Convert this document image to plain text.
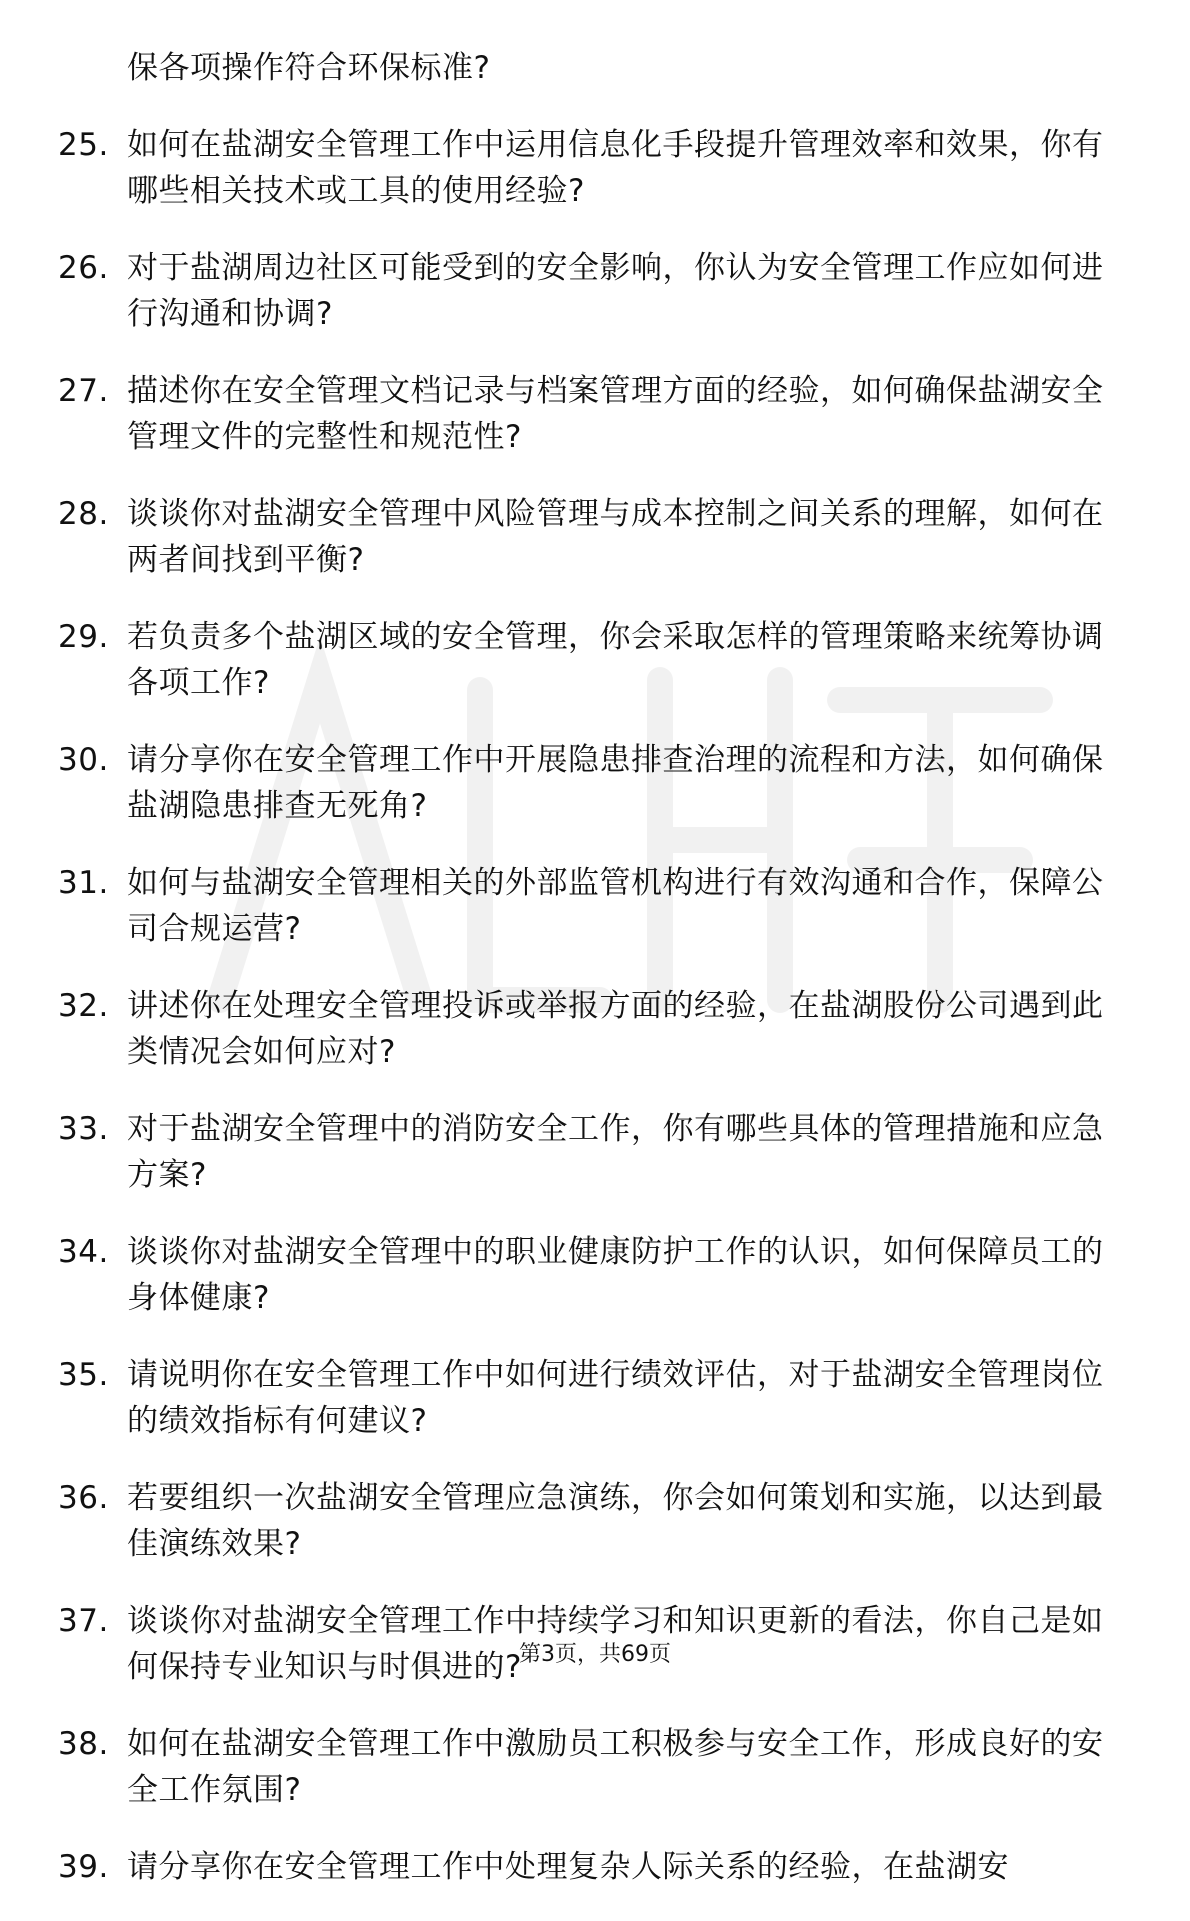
保各项操作符合环保标准?
25. 如何在盐湖安全管理工作中运用信息化手段提升管理效率和效果，你有哪些相关技术或工具的使用经验?
26. 对于盐湖周边社区可能受到的安全影响，你认为安全管理工作应如何进行沟通和协调?
27. 描述你在安全管理文档记录与档案管理方面的经验，如何确保盐湖安全管理文件的完整性和规范性?
28. 谈谈你对盐湖安全管理中风险管理与成本控制之间关系的理解，如何在两者间找到平衡?
29. 若负责多个盐湖区域的安全管理，你会采取怎样的管理策略来统筹协调各项工作?
30. 请分享你在安全管理工作中开展隐患排查治理的流程和方法，如何确保盐湖隐患排查无死角?
31. 如何与盐湖安全管理相关的外部监管机构进行有效沟通和合作，保障公司合规运营?
32. 讲述你在处理安全管理投诉或举报方面的经验，在盐湖股份公司遇到此类情况会如何应对?
33. 对于盐湖安全管理中的消防安全工作，你有哪些具体的管理措施和应急方案?
34. 谈谈你对盐湖安全管理中的职业健康防护工作的认识，如何保障员工的身体健康?
35. 请说明你在安全管理工作中如何进行绩效评估，对于盐湖安全管理岗位的绩效指标有何建议?
36. 若要组织一次盐湖安全管理应急演练，你会如何策划和实施，以达到最佳演练效果?
37. 谈谈你对盐湖安全管理工作中持续学习和知识更新的看法，你自己是如何保持专业知识与时俱进的?
38. 如何在盐湖安全管理工作中激励员工积极参与安全工作，形成良好的安全工作氛围?
39. 请分享你在安全管理工作中处理复杂人际关系的经验，在盐湖安
第3页，共69页
